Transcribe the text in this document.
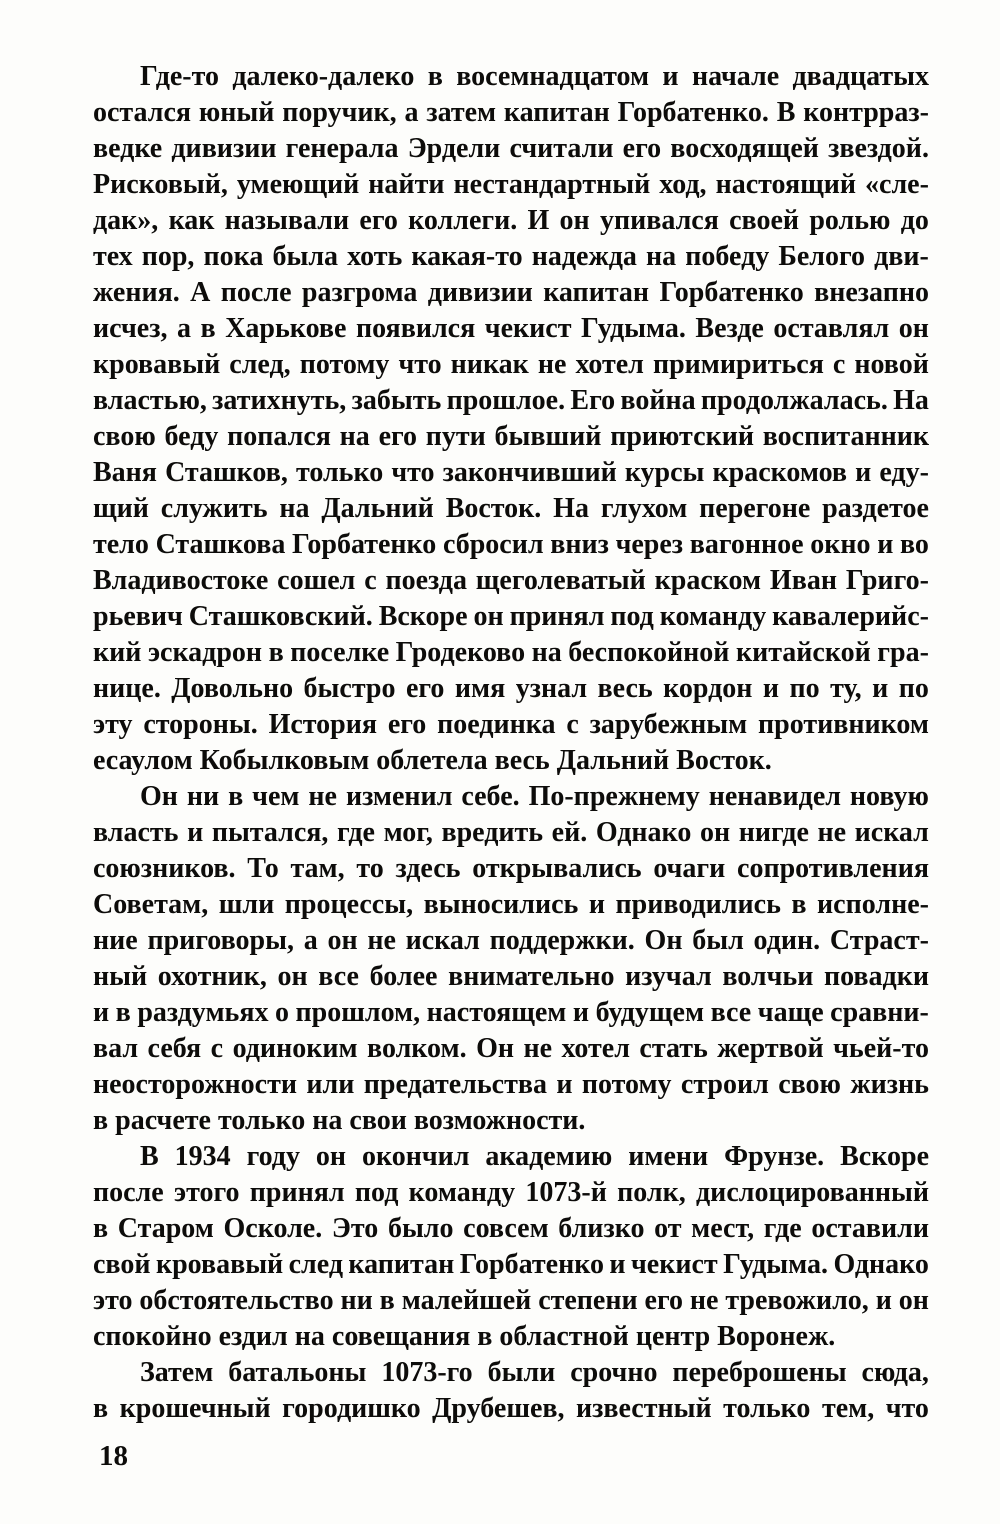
Где-то далеко-далеко в восемнадцатом и начале двадцатых
остался юный поручик, а затем капитан Горбатенко. В контрраз-
ведке дивизии генерала Эрдели считали его восходящей звездой.
Рисковый, умеющий найти нестандартный ход, настоящий «сле-
дак», как называли его коллеги. И он упивался своей ролью до
тех пор, пока была хоть какая-то надежда на победу Белого дви-
жения. А после разгрома дивизии капитан Горбатенко внезапно
исчез, а в Харькове появился чекист Гудыма. Везде оставлял он
кровавый след, потому что никак не хотел примириться с новой
властью, затихнуть, забыть прошлое. Его война продолжалась. На
свою беду попался на его пути бывший приютский воспитанник
Ваня Сташков, только что закончивший курсы краскомов и еду-
щий служить на Дальний Восток. На глухом перегоне раздетое
тело Сташкова Горбатенко сбросил вниз через вагонное окно и во
Владивостоке сошел с поезда щеголеватый краском Иван Григо-
рьевич Сташковский. Вскоре он принял под команду кавалерийс-
кий эскадрон в поселке Гродеково на беспокойной китайской гра-
нице. Довольно быстро его имя узнал весь кордон и по ту, и по
эту стороны. История его поединка с зарубежным противником
есаулом Кобылковым облетела весь Дальний Восток.
Он ни в чем не изменил себе. По-прежнему ненавидел новую
власть и пытался, где мог, вредить ей. Однако он нигде не искал
союзников. То там, то здесь открывались очаги сопротивления
Советам, шли процессы, выносились и приводились в исполне-
ние приговоры, а он не искал поддержки. Он был один. Страст-
ный охотник, он все более внимательно изучал волчьи повадки
и в раздумьях о прошлом, настоящем и будущем все чаще сравни-
вал себя с одиноким волком. Он не хотел стать жертвой чьей-то
неосторожности или предательства и потому строил свою жизнь
в расчете только на свои возможности.
В 1934 году он окончил академию имени Фрунзе. Вскоре
после этого принял под команду 1073-й полк, дислоцированный
в Старом Осколе. Это было совсем близко от мест, где оставили
свой кровавый след капитан Горбатенко и чекист Гудыма. Однако
это обстоятельство ни в малейшей степени его не тревожило, и он
спокойно ездил на совещания в областной центр Воронеж.
Затем батальоны 1073-го были срочно переброшены сюда,
в крошечный городишко Друбешев, известный только тем, что
18
